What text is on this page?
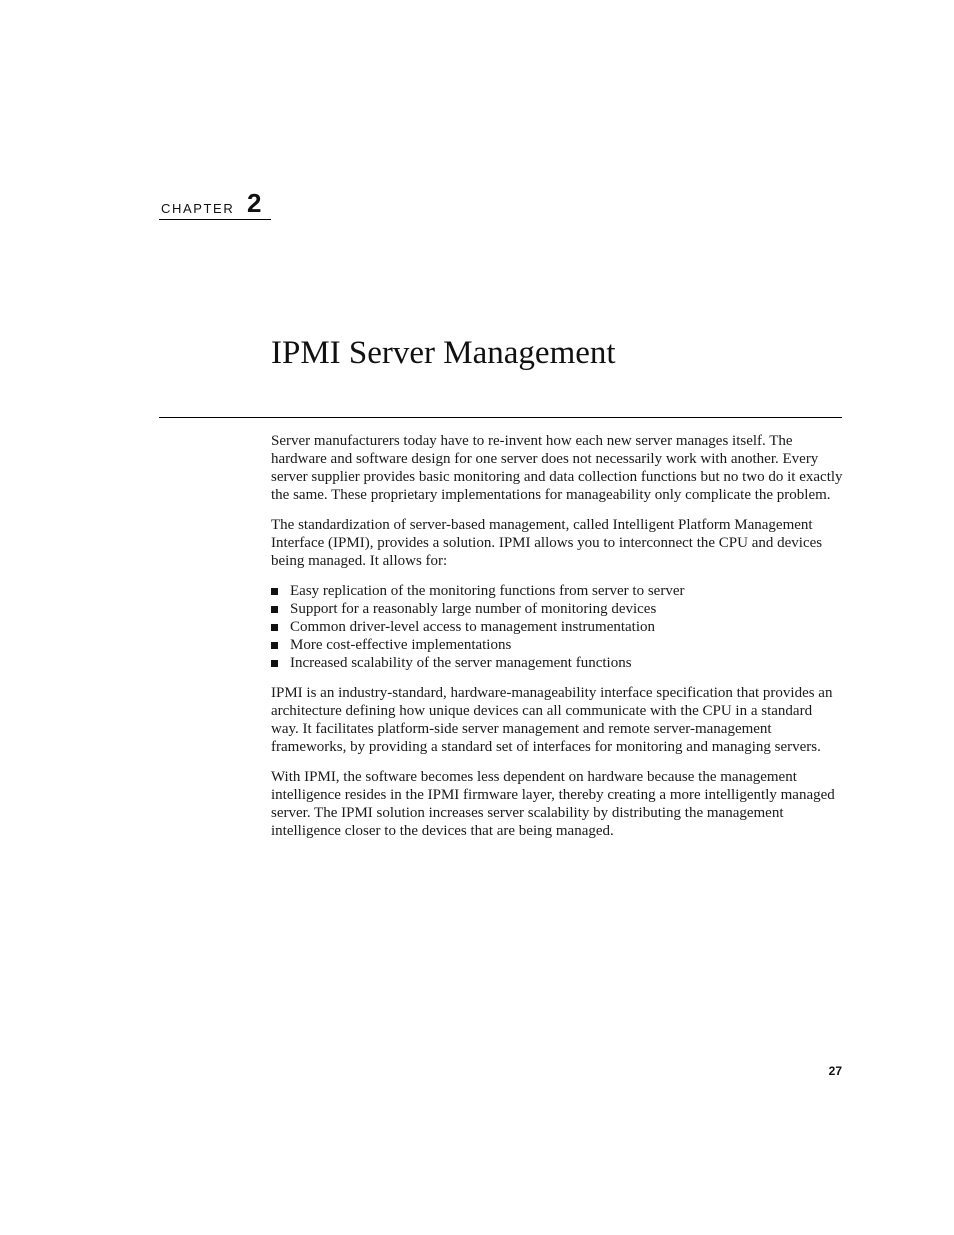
CHAPTER 2
IPMI Server Management

Server manufacturers today have to re-invent how each new server manages itself. The hardware and software design for one server does not necessarily work with another. Every server supplier provides basic monitoring and data collection functions but no two do it exactly the same. These proprietary implementations for manageability only complicate the problem.

The standardization of server-based management, called Intelligent Platform Management Interface (IPMI), provides a solution. IPMI allows you to interconnect the CPU and devices being managed. It allows for:

Easy replication of the monitoring functions from server to server
Support for a reasonably large number of monitoring devices
Common driver-level access to management instrumentation
More cost-effective implementations
Increased scalability of the server management functions

IPMI is an industry-standard, hardware-manageability interface specification that provides an architecture defining how unique devices can all communicate with the CPU in a standard way. It facilitates platform-side server management and remote server-management frameworks, by providing a standard set of interfaces for monitoring and managing servers.

With IPMI, the software becomes less dependent on hardware because the management intelligence resides in the IPMI firmware layer, thereby creating a more intelligently managed server. The IPMI solution increases server scalability by distributing the management intelligence closer to the devices that are being managed.

27
